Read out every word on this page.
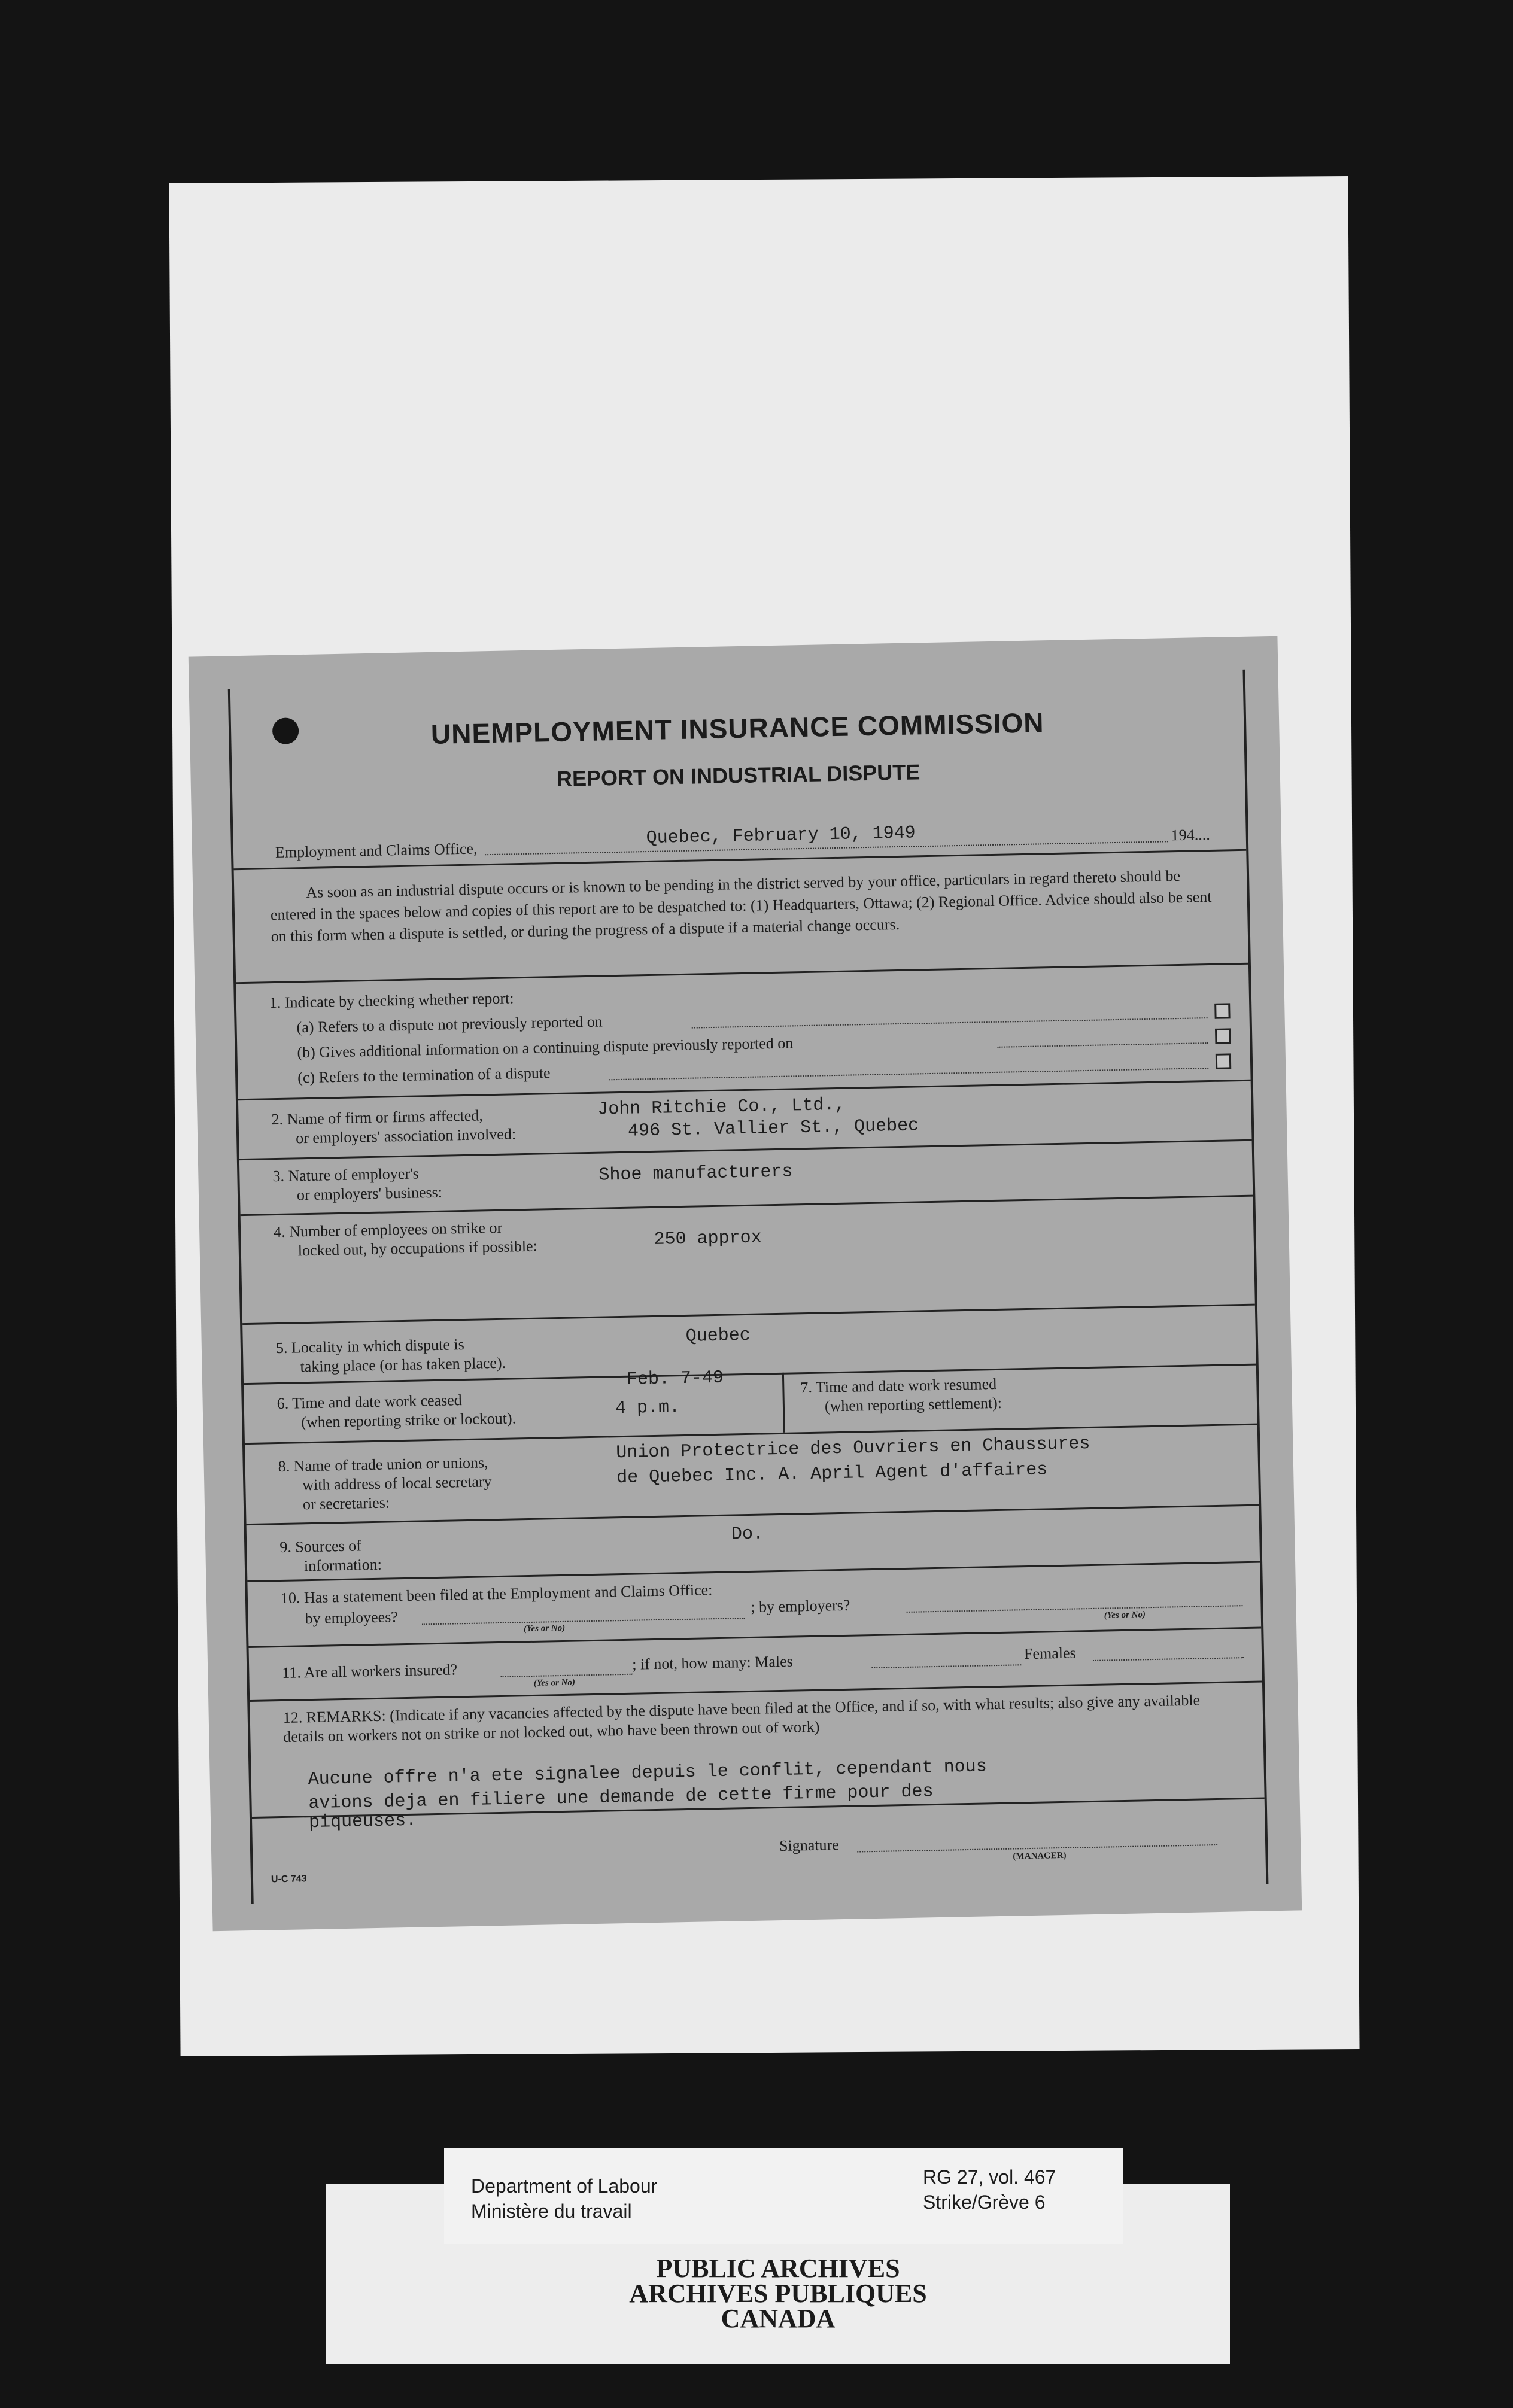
UNEMPLOYMENT INSURANCE COMMISSION
REPORT ON INDUSTRIAL DISPUTE
Employment and Claims Office,
Quebec, February 10, 1949	194....
As soon as an industrial dispute occurs or is known to be pending in the district served by your office, particulars in regard thereto should be entered in the spaces below and copies of this report are to be despatched to: (1) Headquarters, Ottawa; (2) Regional Office. Advice should also be sent on this form when a dispute is settled, or during the progress of a dispute if a material change occurs.
1. Indicate by checking whether report:
(a) Refers to a dispute not previously reported on
(b) Gives additional information on a continuing dispute previously reported on
(c) Refers to the termination of a dispute
2. Name of firm or firms affected,
or employers' association involved:
John Ritchie Co., Ltd.,
496 St. Vallier St., Quebec
3. Nature of employer's
or employers' business:
Shoe manufacturers
4. Number of employees on strike or
locked out, by occupations if possible:	250 approx
5. Locality in which dispute is
taking place (or has taken place).
Quebec
6. Time and date work ceased
(when reporting strike or lockout).
Feb. 7-49
4 p.m.
7. Time and date work resumed
(when reporting settlement):
8. Name of trade union or unions,
with address of local secretary
or secretaries:
Union Protectrice des Ouvriers en Chaussures
de Quebec Inc. A. April Agent d'affaires
9. Sources of
information:
Do.
10. Has a statement been filed at the Employment and Claims Office:
by employees?
(Yes or No)
; by employers?	(Yes or No)
11. Are all workers insured?
(Yes or No)
; if not, how many: Males	Females
12. REMARKS: (Indicate if any vacancies affected by the dispute have been filed at the Office, and if so, with what results; also give any available details on workers not on strike or not locked out, who have been thrown out of work)
Aucune offre n'a ete signalee depuis le conflit, cependant nous
avions deja en filiere une demande de cette firme pour des
piqueuses.
Signature
(MANAGER)
U-C 743
Department of Labour
Ministère du travail
RG 27, vol. 467
Strike/Grève 6
PUBLIC ARCHIVES
ARCHIVES PUBLIQUES
CANADA
